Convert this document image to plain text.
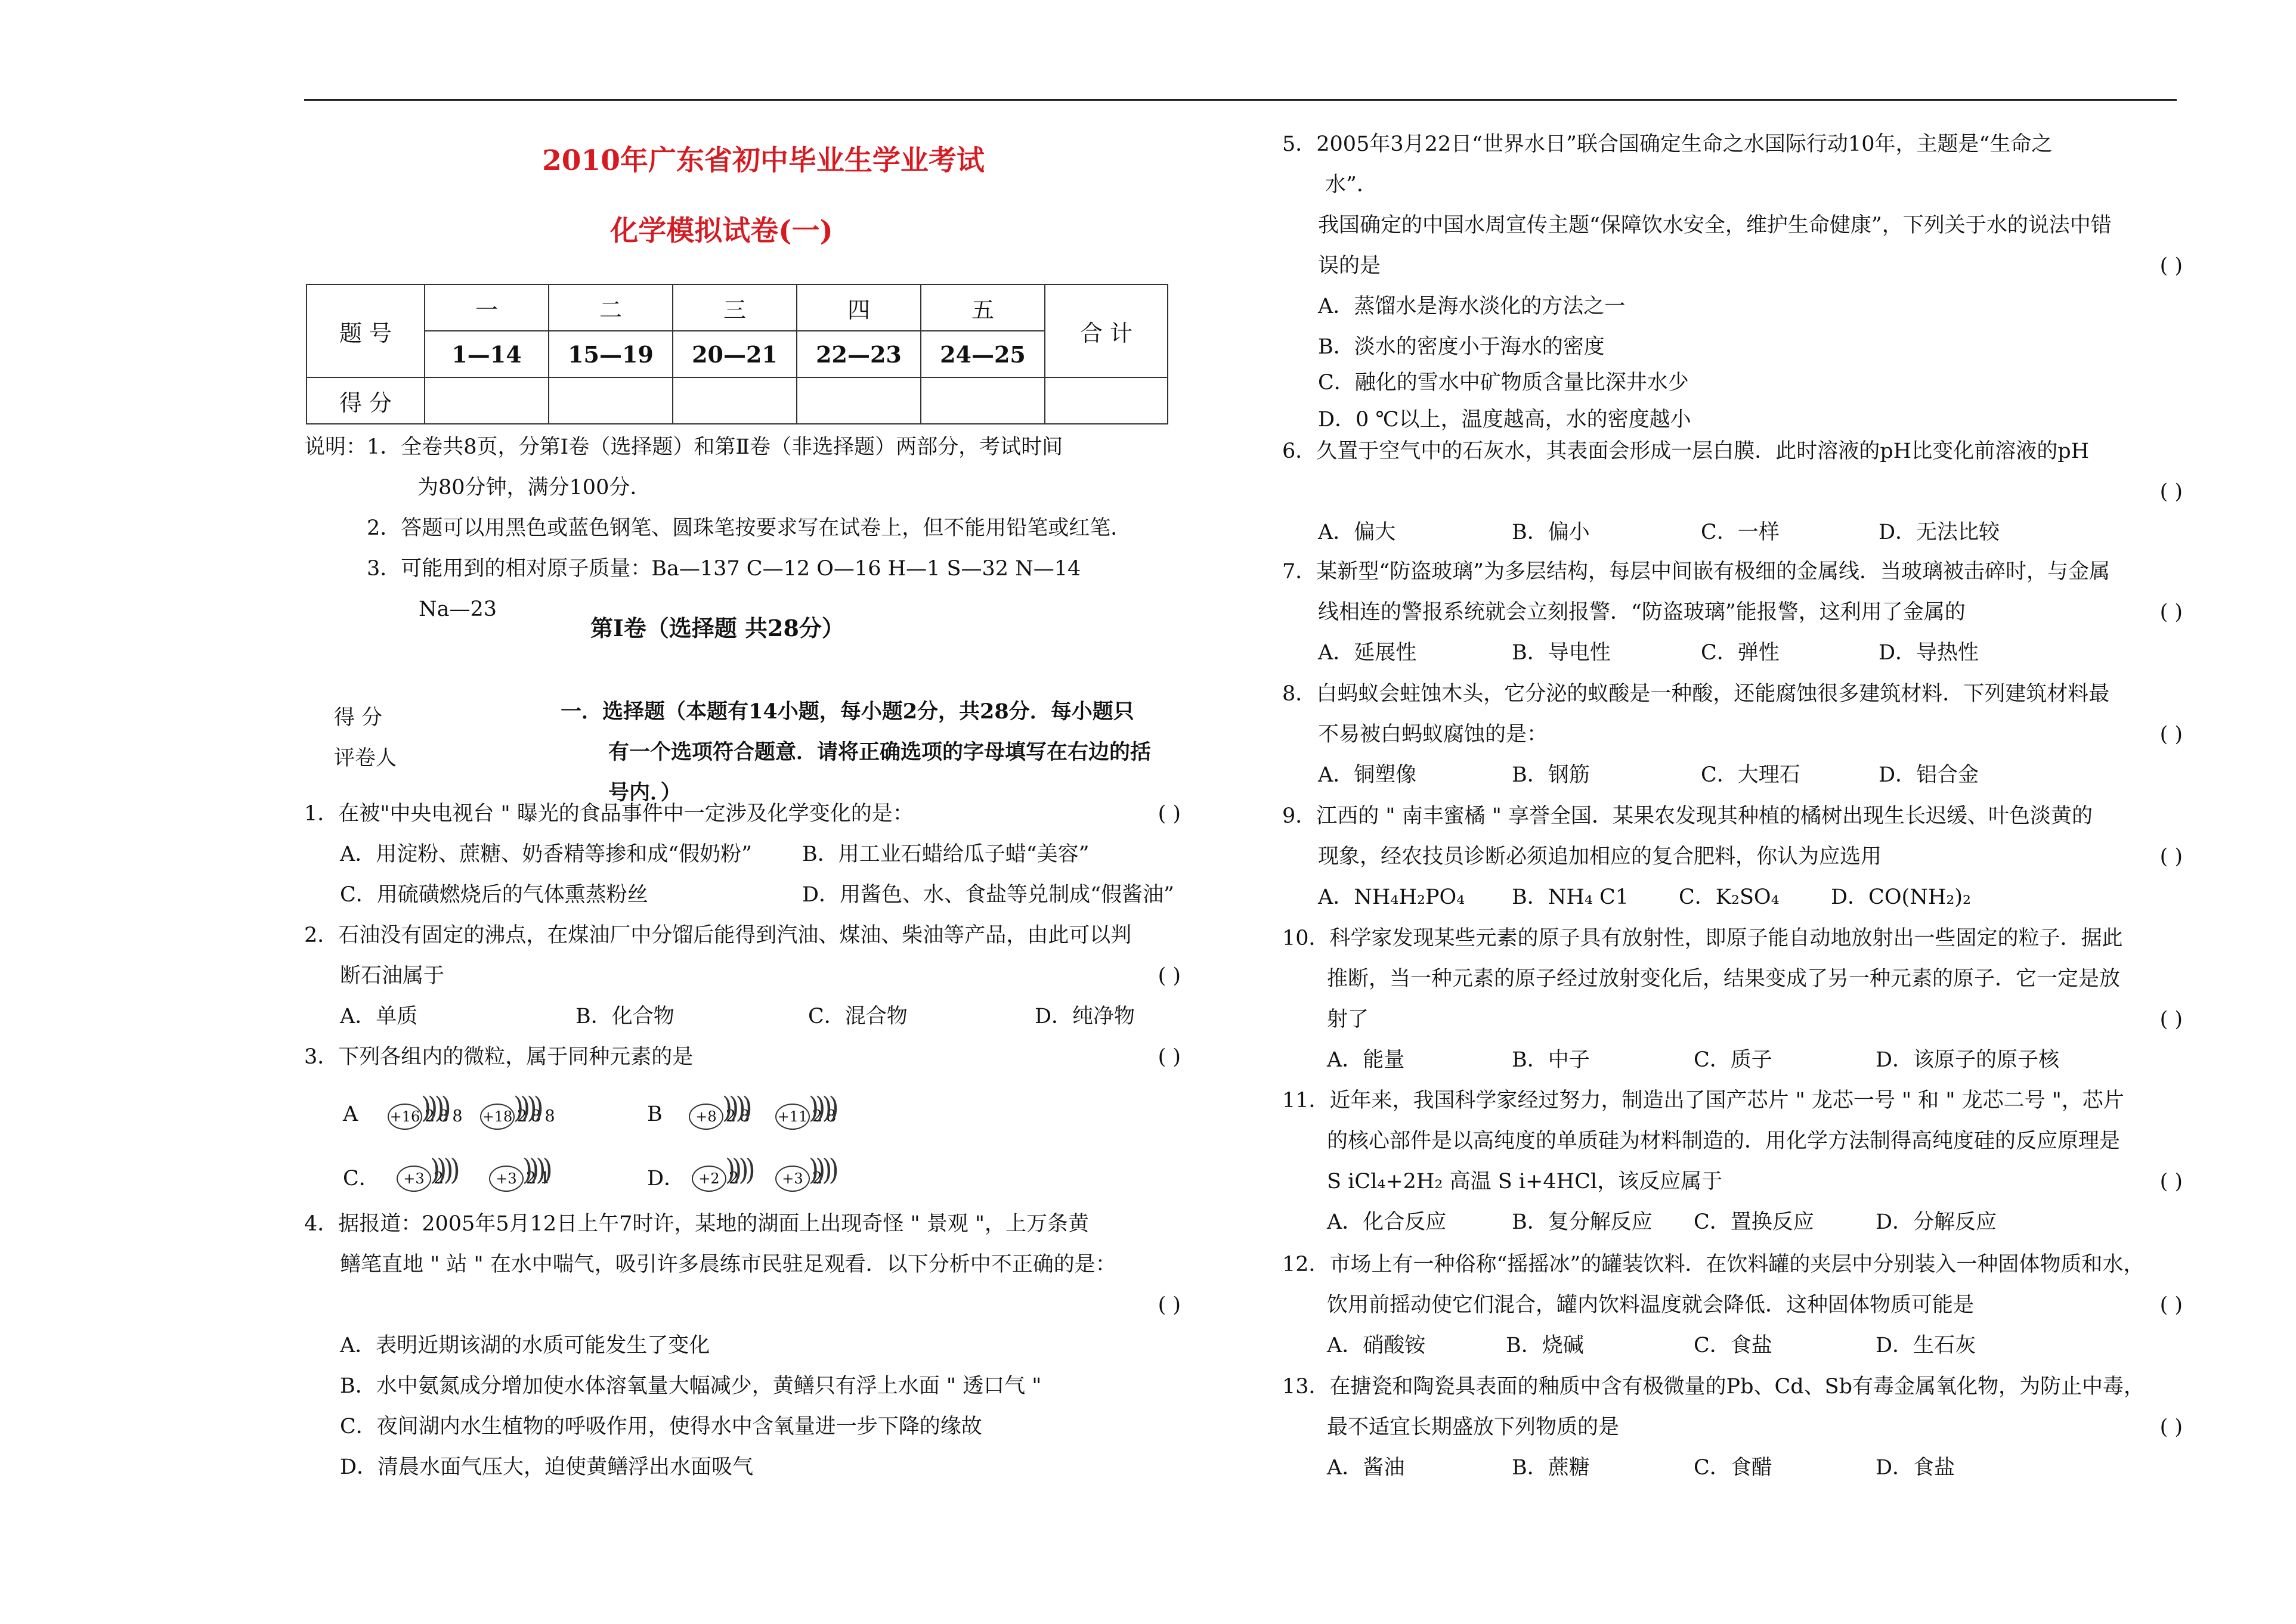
2010年广东省初中毕业生学业考试
化学模拟试卷(一)
题 号	一	二	三	四	五	合 计
	1—14	15—19	20—21	22—23	24—25	
得 分						
说明：1．全卷共8页，分第Ⅰ卷（选择题）和第Ⅱ卷（非选择题）两部分，考试时间
为80分钟，满分100分．
2．答题可以用黑色或蓝色钢笔、圆珠笔按要求写在试卷上，但不能用铅笔或红笔．
3．可能用到的相对原子质量：Ba—137 C—12 O—16 H—1 S—32 N—14
Na—23
第Ⅰ卷（选择题 共28分）
得 分
评卷人
一．选择题（本题有14小题，每小题2分，共28分．每小题只
有一个选项符合题意．请将正确选项的字母填写在右边的括
号内．）
1．在被"中央电视台 " 曝光的食品事件中一定涉及化学变化的是：	( )
A．用淀粉、蔗糖、奶香精等掺和成“假奶粉” B．用工业石蜡给瓜子蜡“美容”
C．用硫磺燃烧后的气体熏蒸粉丝	D．用酱色、水、食盐等兑制成“假酱油”
2．石油没有固定的沸点，在煤油厂中分馏后能得到汽油、煤油、柴油等产品，由此可以判
断石油属于	( )
A．单质	B．化合物	C．混合物	D．纯净物
3．下列各组内的微粒，属于同种元素的是	( )
A +16 )))) 288 +18 )))) 288	B	+8 )))) 28 +11 )))) 28
C．	+3 )))) 2	+3 )))) 21	D． +2 )))) 2	+3 )))) 2
4．据报道：2005年5月12日上午7时许，某地的湖面上出现奇怪 " 景观 "，上万条黄
鳝笔直地 " 站 " 在水中喘气，吸引许多晨练市民驻足观看．以下分析中不正确的是：
( )
A．表明近期该湖的水质可能发生了变化
B．水中氨氮成分增加使水体溶氧量大幅减少，黄鳝只有浮上水面 " 透口气 "
C．夜间湖内水生植物的呼吸作用，使得水中含氧量进一步下降的缘故
D．清晨水面气压大，迫使黄鳝浮出水面吸气
5．2005年3月22日“世界水日”联合国确定生命之水国际行动10年，主题是“生命之
水”．
我国确定的中国水周宣传主题“保障饮水安全，维护生命健康”，下列关于水的说法中错
误的是	( )
A．蒸馏水是海水淡化的方法之一
B．淡水的密度小于海水的密度
C．融化的雪水中矿物质含量比深井水少
D．0 ℃以上，温度越高，水的密度越小
6．久置于空气中的石灰水，其表面会形成一层白膜．此时溶液的pH比变化前溶液的pH
( )
A．偏大	B．偏小	C．一样	D．无法比较
7．某新型“防盗玻璃”为多层结构，每层中间嵌有极细的金属线．当玻璃被击碎时，与金属
线相连的警报系统就会立刻报警．“防盗玻璃”能报警，这利用了金属的	( )
A．延展性	B．导电性	C．弹性	D．导热性
8．白蚂蚁会蛀蚀木头，它分泌的蚁酸是一种酸，还能腐蚀很多建筑材料．下列建筑材料最
不易被白蚂蚁腐蚀的是：	( )
A．铜塑像	B．钢筋	C．大理石	D．铝合金
9．江西的 " 南丰蜜橘 " 享誉全国．某果农发现其种植的橘树出现生长迟缓、叶色淡黄的
现象，经农技员诊断必须追加相应的复合肥料，你认为应选用	( )
A．NH₄H₂PO₄ B．NH₄ C1 C．K₂SO₄ D．CO(NH₂)₂
10．科学家发现某些元素的原子具有放射性，即原子能自动地放射出一些固定的粒子．据此
推断，当一种元素的原子经过放射变化后，结果变成了另一种元素的原子．它一定是放
射了	( )
A．能量	B．中子	C．质子	D．该原子的原子核
11．近年来，我国科学家经过努力，制造出了国产芯片 " 龙芯一号 " 和 " 龙芯二号 "，芯片
的核心部件是以高纯度的单质硅为材料制造的．用化学方法制得高纯度硅的反应原理是
S iCl₄+2H₂ 高温 S i+4HCl，该反应属于	( )
A．化合反应	B．复分解反应 C．置换反应	D．分解反应
12．市场上有一种俗称“摇摇冰”的罐装饮料．在饮料罐的夹层中分别装入一种固体物质和水，
饮用前摇动使它们混合，罐内饮料温度就会降低．这种固体物质可能是	( )
A．硝酸铵	B．烧碱	C．食盐	D．生石灰
13．在搪瓷和陶瓷具表面的釉质中含有极微量的Pb、Cd、Sb有毒金属氧化物，为防止中毒，
最不适宜长期盛放下列物质的是	( )
A．酱油	B．蔗糖	C．食醋	D．食盐
